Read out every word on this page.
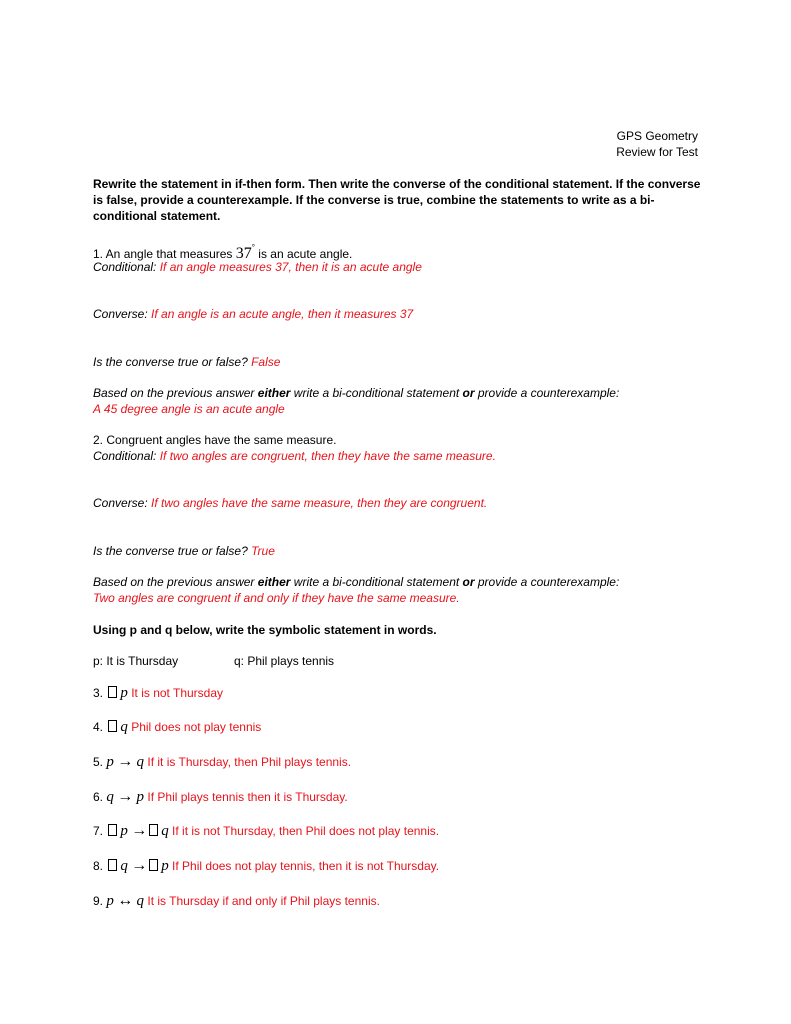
GPS Geometry
Review for Test
Rewrite the statement in if-then form. Then write the converse of the conditional statement. If the converse is false, provide a counterexample. If the converse is true, combine the statements to write as a bi-conditional statement.
1. An angle that measures 37° is an acute angle.
Conditional: If an angle measures 37, then it is an acute angle
Converse: If an angle is an acute angle, then it measures 37
Is the converse true or false? False
Based on the previous answer either write a bi-conditional statement or provide a counterexample:
A 45 degree angle is an acute angle
2. Congruent angles have the same measure.
Conditional: If two angles are congruent, then they have the same measure.
Converse: If two angles have the same measure, then they are congruent.
Is the converse true or false? True
Based on the previous answer either write a bi-conditional statement or provide a counterexample:
Two angles are congruent if and only if they have the same measure.
Using p and q below, write the symbolic statement in words.
p: It is Thursday	q: Phil plays tennis
3. p It is not Thursday
4. q Phil does not play tennis
5. p → q If it is Thursday, then Phil plays tennis.
6. q → p If Phil plays tennis then it is Thursday.
7. p → q If it is not Thursday, then Phil does not play tennis.
8. q → p If Phil does not play tennis, then it is not Thursday.
9. p ↔ q It is Thursday if and only if Phil plays tennis.
